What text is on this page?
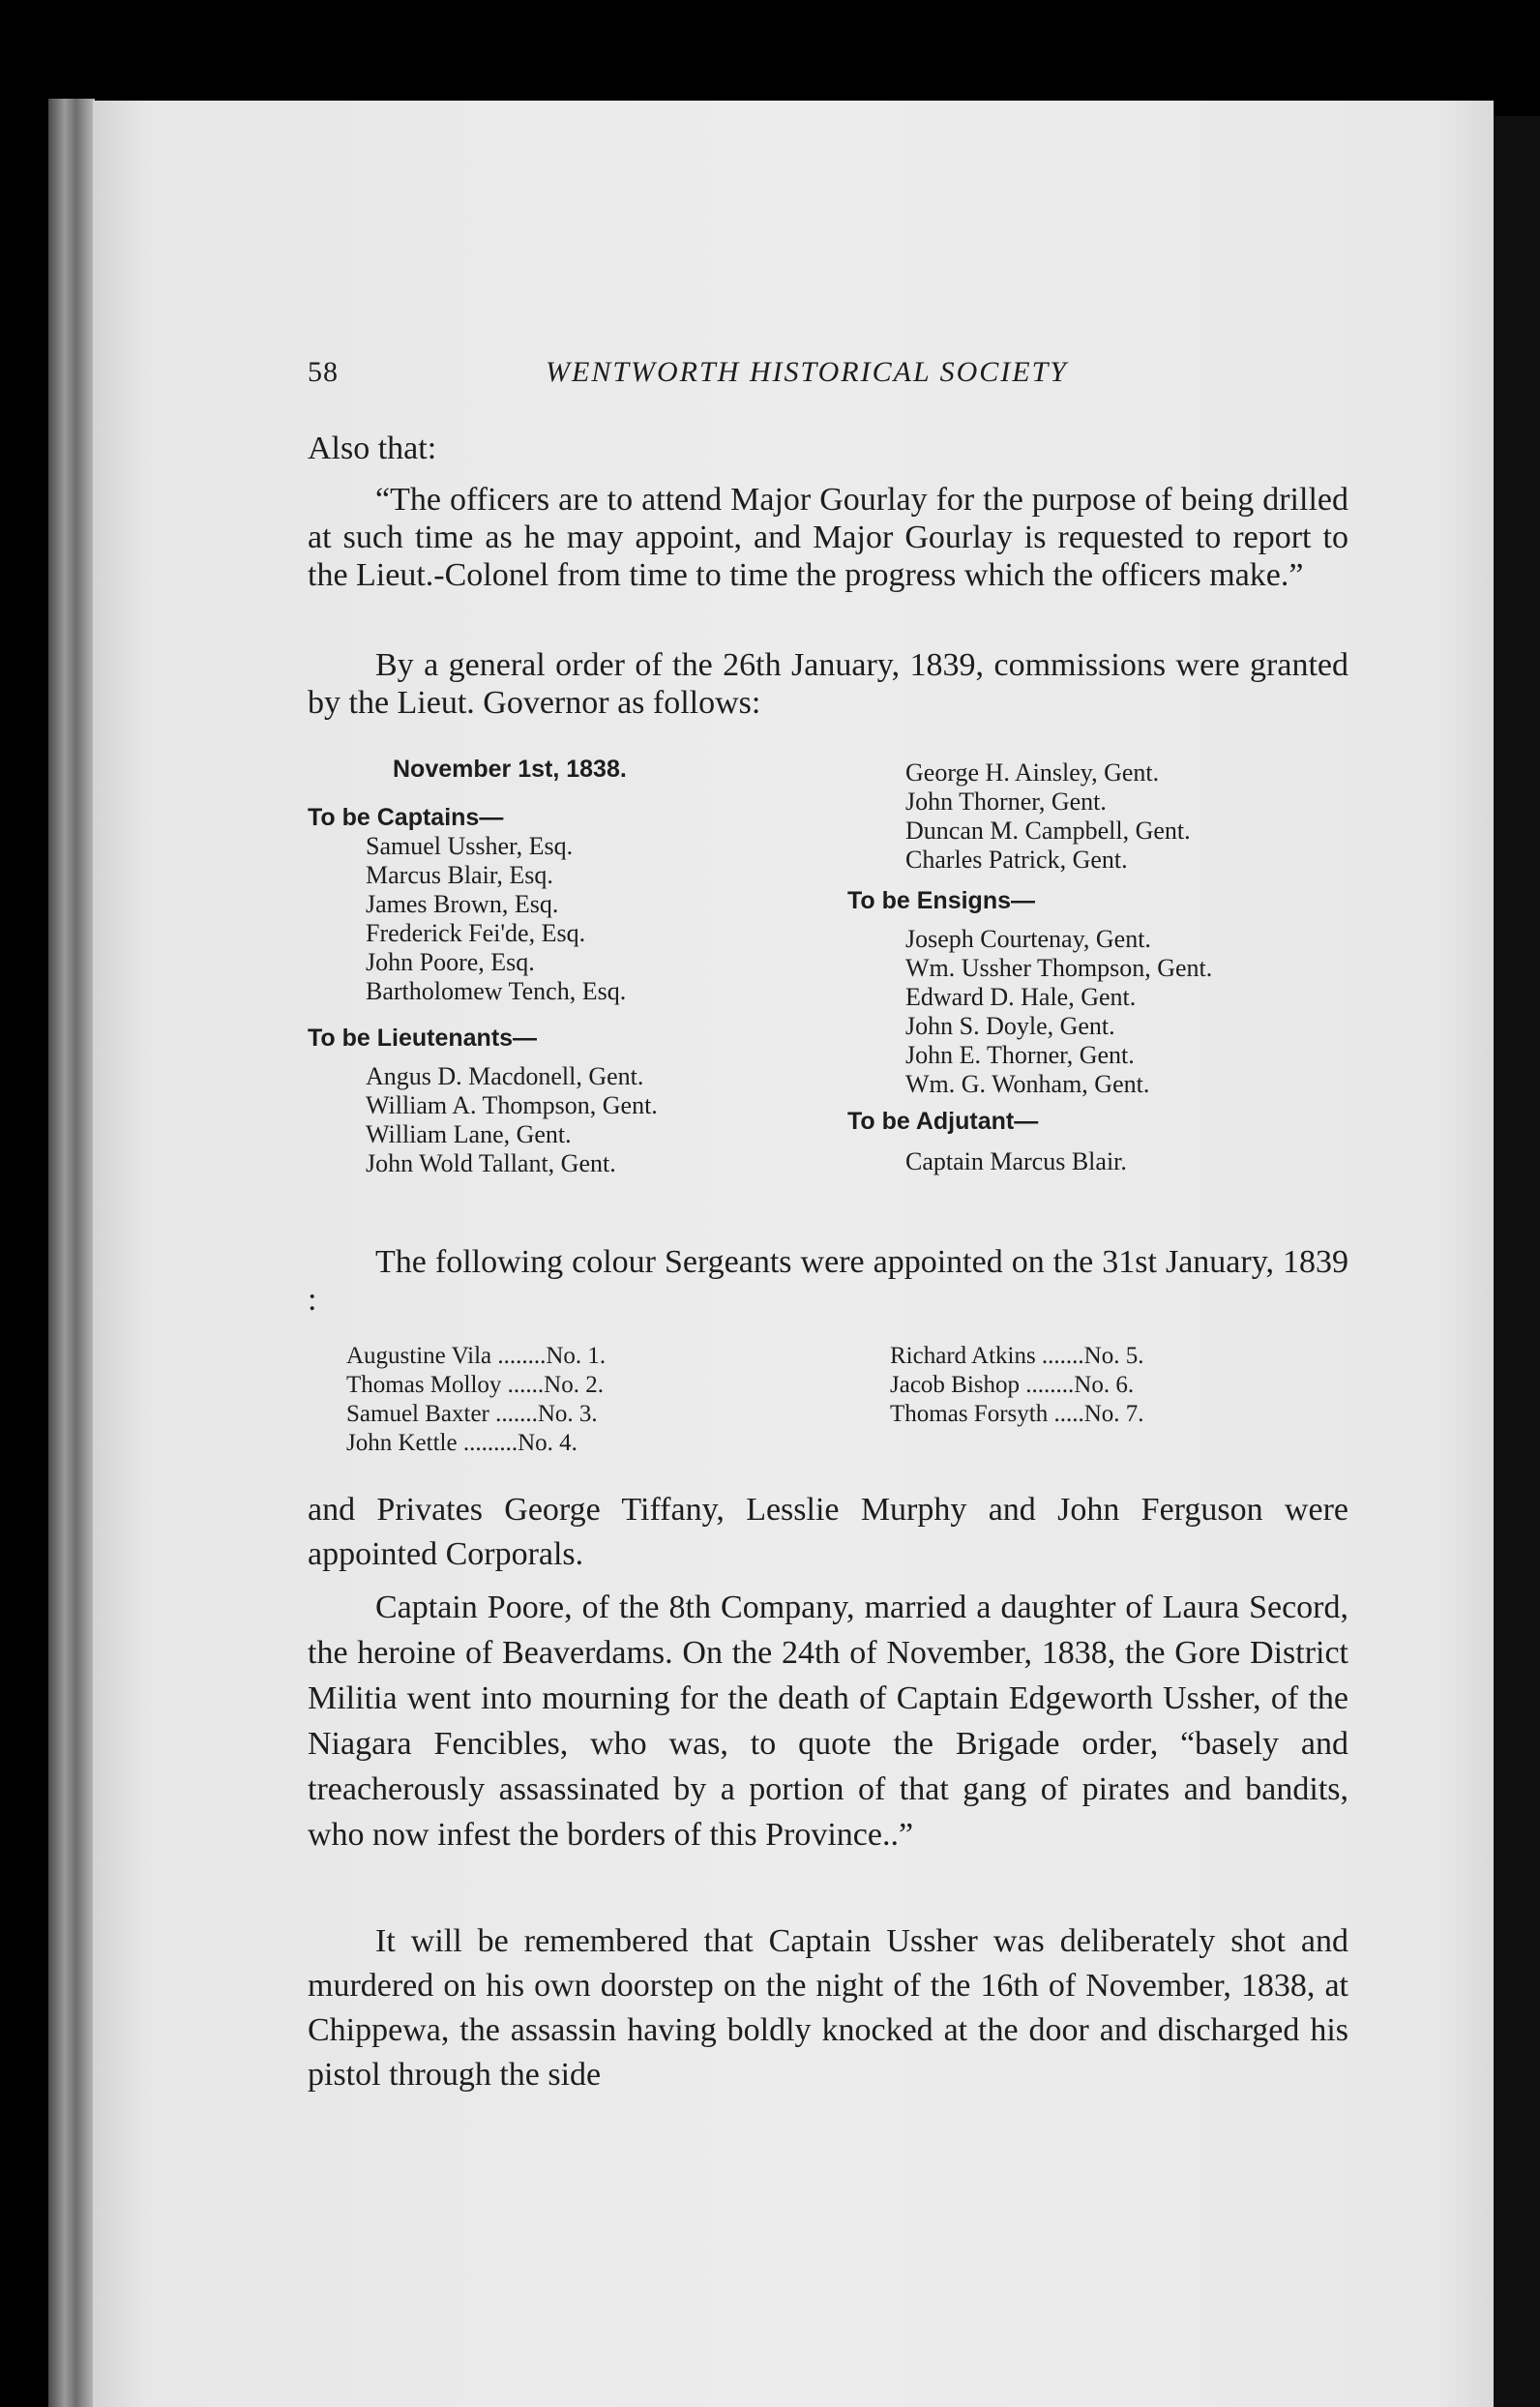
58	WENTWORTH HISTORICAL SOCIETY
Also that:
“The officers are to attend Major Gourlay for the purpose of being drilled at such time as he may appoint, and Major Gourlay is requested to report to the Lieut.-Colonel from time to time the progress which the officers make.”
By a general order of the 26th January, 1839, commissions were granted by the Lieut. Governor as follows:
November 1st, 1838.
To be Captains—
Samuel Ussher, Esq.
Marcus Blair, Esq.
James Brown, Esq.
Frederick Fei'de, Esq.
John Poore, Esq.
Bartholomew Tench, Esq.
To be Lieutenants—
Angus D. Macdonell, Gent.
William A. Thompson, Gent.
William Lane, Gent.
John Wold Tallant, Gent.
George H. Ainsley, Gent.
John Thorner, Gent.
Duncan M. Campbell, Gent.
Charles Patrick, Gent.
To be Ensigns—
Joseph Courtenay, Gent.
Wm. Ussher Thompson, Gent.
Edward D. Hale, Gent.
John S. Doyle, Gent.
John E. Thorner, Gent.
Wm. G. Wonham, Gent.
To be Adjutant—
Captain Marcus Blair.
The following colour Sergeants were appointed on the 31st January, 1839 :
Augustine Vila ........No. 1.
Thomas Molloy ......No. 2.
Samuel Baxter .......No. 3.
John Kettle .........No. 4.
Richard Atkins .......No. 5.
Jacob Bishop ........No. 6.
Thomas Forsyth .....No. 7.
and Privates George Tiffany, Lesslie Murphy and John Ferguson were appointed Corporals.
Captain Poore, of the 8th Company, married a daughter of Laura Secord, the heroine of Beaverdams. On the 24th of November, 1838, the Gore District Militia went into mourning for the death of Captain Edgeworth Ussher, of the Niagara Fencibles, who was, to quote the Brigade order, “basely and treacherously assassinated by a portion of that gang of pirates and bandits, who now infest the borders of this Province..”
It will be remembered that Captain Ussher was deliberately shot and murdered on his own doorstep on the night of the 16th of November, 1838, at Chippewa, the assassin having boldly knocked at the door and discharged his pistol through the side
